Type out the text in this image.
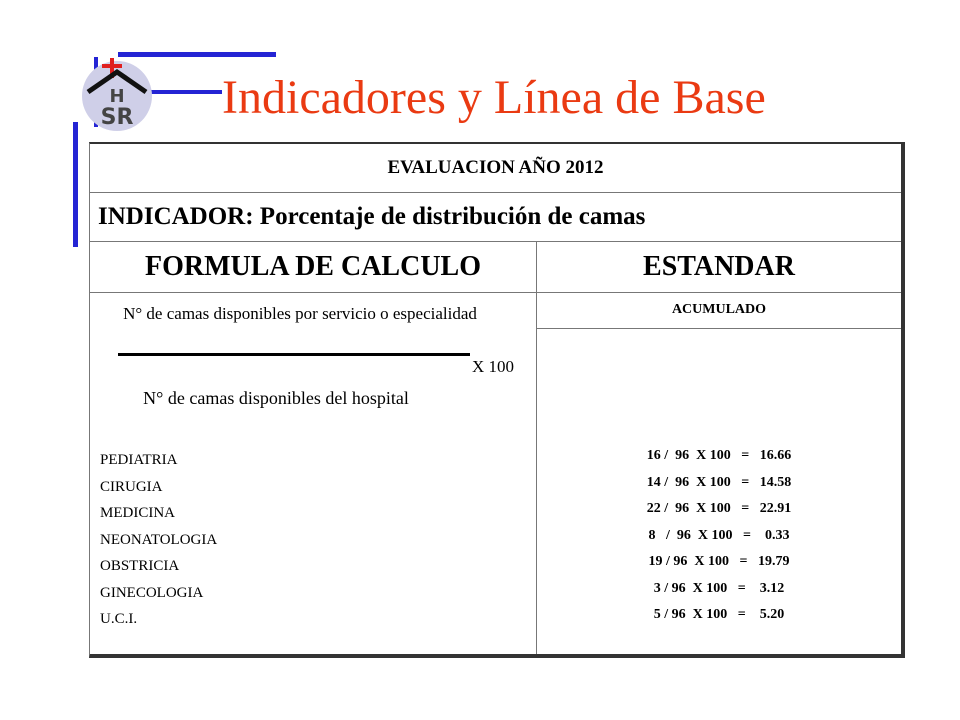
H
SR Indicadores y Línea de Base
EVALUACION AÑO 2012
INDICADOR: Porcentaje de distribución de camas
FORMULA DE CALCULO	ESTANDAR
N° de camas disponibles por servicio o especialidad
X 100
N° de camas disponibles del hospital
PEDIATRIA
CIRUGIA
MEDICINA
NEONATOLOGIA
OBSTRICIA
GINECOLOGIA
U.C.I.
ACUMULADO
16 /  96  X 100   =   16.66
14 /  96  X 100   =   14.58
22 /  96  X 100   =   22.91
8   /  96  X 100   =    0.33
19 / 96  X 100   =   19.79
3 / 96  X 100   =    3.12
5 / 96  X 100   =    5.20
